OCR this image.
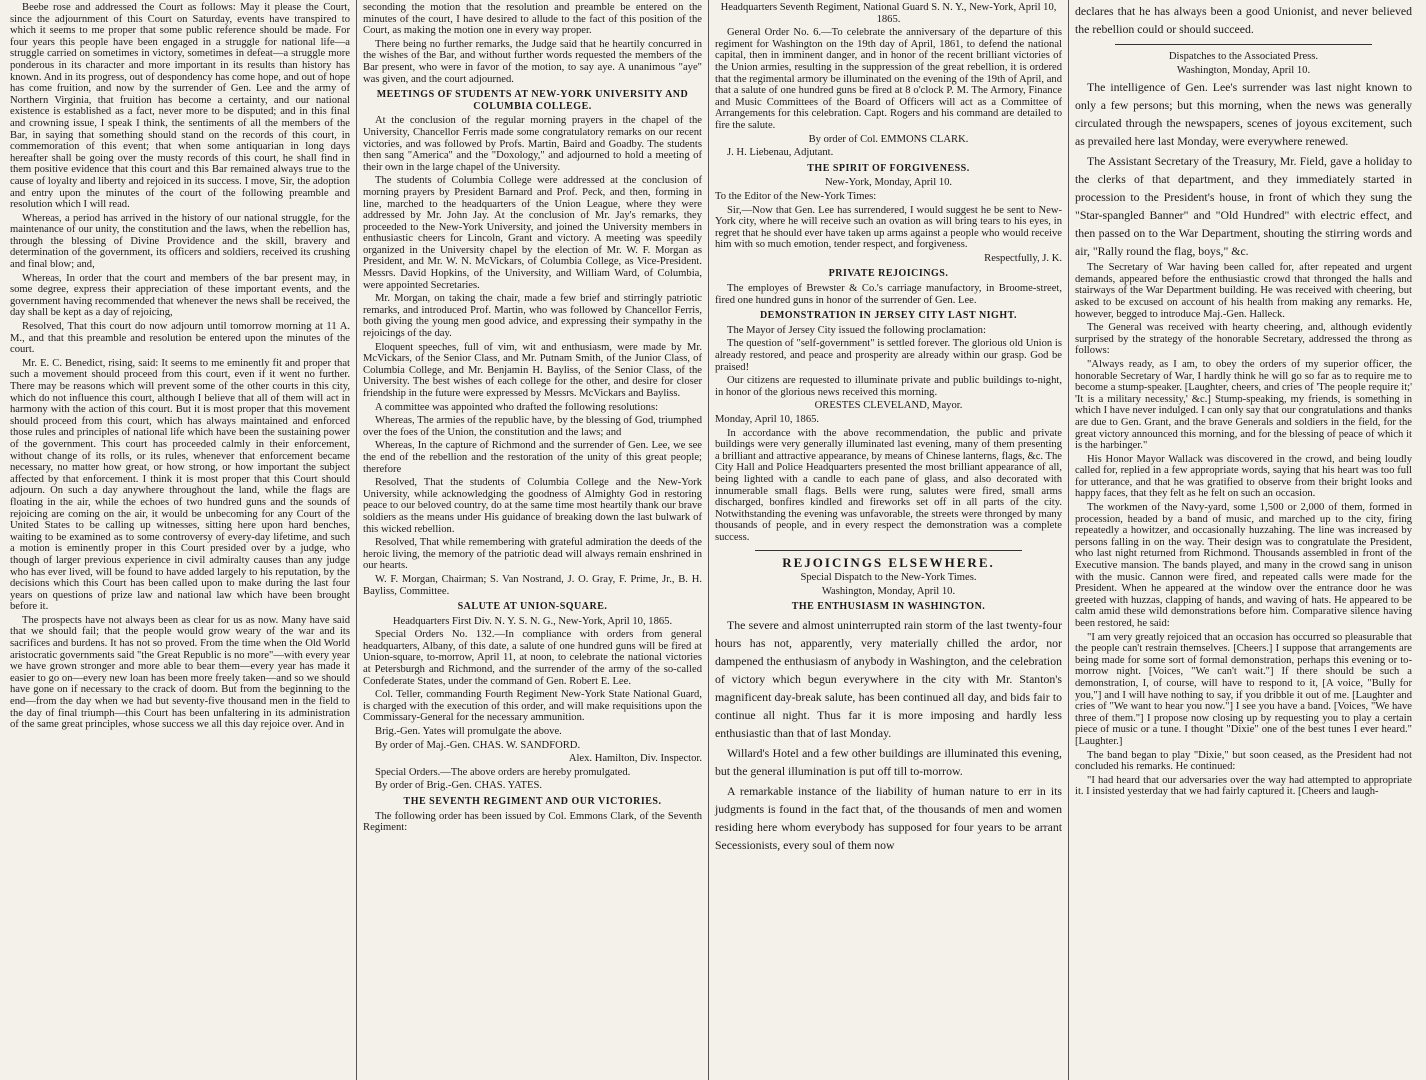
Beebe rose and addressed the Court as follows: May it please the Court, since the adjournment of this Court on Saturday, events have transpired to which it seems to me proper that some public reference should be made. For four years this people have been engaged in a struggle for national life—a struggle carried on sometimes in victory, sometimes in defeat—a struggle more ponderous in its character and more important in its results than history has known. And in its progress, out of despondency has come hope, and out of hope has come fruition, and now by the surrender of Gen. Lee and the army of Northern Virginia, that fruition has become a certainty, and our national existence is established as a fact, never more to be disputed; and in this final and crowning issue, I speak I think, the sentiments of all the members of the Bar, in saying that something should stand on the records of this court, in commemoration of this event; that when some antiquarian in long days hereafter shall be going over the musty records of this court, he shall find in them positive evidence that this court and this Bar remained always true to the cause of loyalty and liberty and rejoiced in its success. I move, Sir, the adoption and entry upon the minutes of the court of the following preamble and resolution which I will read.

Whereas, a period has arrived in the history of our national struggle, for the maintenance of our unity, the constitution and the laws, when the rebellion has, through the blessing of Divine Providence and the skill, bravery and determination of the government, its officers and soldiers, received its crushing and final blow; and,

Whereas, In order that the court and members of the bar present may, in some degree, express their appreciation of these important events, and the government having recommended that whenever the news shall be received, the day shall be kept as a day of rejoicing,

Resolved, That this court do now adjourn until tomorrow morning at 11 A. M., and that this preamble and resolution be entered upon the minutes of the court.

Mr. E. C. Benedict, rising, said: It seems to me eminently fit and proper that such a movement should proceed from this court, even if it went no further. There may be reasons which will prevent some of the other courts in this city, which do not influence this court, although I believe that all of them will act in harmony with the action of this court. But it is most proper that this movement should proceed from this court, which has always maintained and enforced those rules and principles of national life which have been the sustaining power of the government. This court has proceeded calmly in their enforcement, without change of its rolls, or its rules, whenever that enforcement became necessary, no matter how great, or how strong, or how important the subject affected by that enforcement. I think it is most proper that this Court should adjourn. On such a day anywhere throughout the land, while the flags are floating in the air, while the echoes of two hundred guns and the sounds of rejoicing are coming on the air, it would be unbecoming for any Court of the United States to be calling up witnesses, sitting here upon hard benches, waiting to be examined as to some controversy of every-day lifetime, and such a motion is eminently proper in this Court presided over by a judge, who though of larger previous experience in civil admiralty causes than any judge who has ever lived, will be found to have added largely to his reputation, by the decisions which this Court has been called upon to make during the last four years on questions of prize law and national law which have been brought before it.

The prospects have not always been as clear for us as now. Many have said that we should fail; that the people would grow weary of the war and its sacrifices and burdens. It has not so proved. From the time when the Old World aristocratic governments said "the Great Republic is no more"—with every year we have grown stronger and more able to bear them—every year has made it easier to go on—every new loan has been more freely taken—and so we should have gone on if necessary to the crack of doom. But from the beginning to the end—from the day when we had but seventy-five thousand men in the field to the day of final triumph—this Court has been unfaltering in its administration of the same great principles, whose success we all this day rejoice over. And in

seconding the motion that the resolution and preamble be entered on the minutes of the court, I have desired to allude to the fact of this position of the Court, as making the motion one in every way proper.

There being no further remarks, the Judge said that he heartily concurred in the wishes of the Bar, and without further words requested the members of the Bar present, who were in favor of the motion, to say aye. A unanimous "aye" was given, and the court adjourned.

MEETINGS OF STUDENTS AT NEW-YORK UNIVERSITY AND COLUMBIA COLLEGE.

At the conclusion of the regular morning prayers in the chapel of the University, Chancellor Ferris made some congratulatory remarks on our recent victories, and was followed by Profs. Martin, Baird and Goadby. The students then sang "America" and the "Doxology," and adjourned to hold a meeting of their own in the large chapel of the University.

The students of Columbia College were addressed at the conclusion of morning prayers by President Barnard and Prof. Peck, and then, forming in line, marched to the headquarters of the Union League, where they were addressed by Mr. John Jay. At the conclusion of Mr. Jay's remarks, they proceeded to the New-York University, and joined the University members in enthusiastic cheers for Lincoln, Grant and victory. A meeting was speedily organized in the University chapel by the election of Mr. W. F. Morgan as President, and Mr. W. N. McVickars, of Columbia College, as Vice-President. Messrs. David Hopkins, of the University, and William Ward, of Columbia, were appointed Secretaries.

Mr. Morgan, on taking the chair, made a few brief and stirringly patriotic remarks, and introduced Prof. Martin, who was followed by Chancellor Ferris, both giving the young men good advice, and expressing their sympathy in the rejoicings of the day.

Eloquent speeches, full of vim, wit and enthusiasm, were made by Mr. McVickars, of the Senior Class, and Mr. Putnam Smith, of the Junior Class, of Columbia College, and Mr. Benjamin H. Bayliss, of the Senior Class, of the University. The best wishes of each college for the other, and desire for closer friendship in the future were expressed by Messrs. McVickars and Bayliss.

A committee was appointed who drafted the following resolutions:

Whereas, The armies of the republic have, by the blessing of God, triumphed over the foes of the Union, the constitution and the laws; and

Whereas, In the capture of Richmond and the surrender of Gen. Lee, we see the end of the rebellion and the restoration of the unity of this great people; therefore

Resolved, That the students of Columbia College and the New-York University, while acknowledging the goodness of Almighty God in restoring peace to our beloved country, do at the same time most heartily thank our brave soldiers as the means under His guidance of breaking down the last bulwark of this wicked rebellion.

Resolved, That while remembering with grateful admiration the deeds of the heroic living, the memory of the patriotic dead will always remain enshrined in our hearts.

W. F. Morgan, Chairman; S. Van Nostrand, J. O. Gray, F. Prime, Jr., B. H. Bayliss, Committee.

SALUTE AT UNION-SQUARE.

Headquarters First Div. N. Y. S. N. G., New-York, April 10, 1865.

Special Orders No. 132.—In compliance with orders from general headquarters, Albany, of this date, a salute of one hundred guns will be fired at Union-square, to-morrow, April 11, at noon, to celebrate the national victories at Petersburgh and Richmond, and the surrender of the army of the so-called Confederate States, under the command of Gen. Robert E. Lee.

Col. Teller, commanding Fourth Regiment New-York State National Guard, is charged with the execution of this order, and will make requisitions upon the Commissary-General for the necessary ammunition.

Brig.-Gen. Yates will promulgate the above.

By order of Maj.-Gen. CHAS. W. SANDFORD.

Alex. Hamilton, Div. Inspector.

Special Orders.—The above orders are hereby promulgated.

By order of Brig.-Gen. CHAS. YATES.

THE SEVENTH REGIMENT AND OUR VICTORIES.

The following order has been issued by Col. Emmons Clark, of the Seventh Regiment:

Headquarters Seventh Regiment, National Guard S. N. Y., New-York, April 10, 1865.

General Order No. 6.—To celebrate the anniversary of the departure of this regiment for Washington on the 19th day of April, 1861, to defend the national capital, then in imminent danger, and in honor of the recent brilliant victories of the Union armies, resulting in the suppression of the great rebellion, it is ordered that the regimental armory be illuminated on the evening of the 19th of April, and that a salute of one hundred guns be fired at 8 o'clock P. M. The Armory, Finance and Music Committees of the Board of Officers will act as a Committee of Arrangements for this celebration. Capt. Rogers and his command are detailed to fire the salute.

By order of Col. EMMONS CLARK.

J. H. Liebenau, Adjutant.

THE SPIRIT OF FORGIVENESS.

New-York, Monday, April 10.

To the Editor of the New-York Times:

Sir,—Now that Gen. Lee has surrendered, I would suggest he be sent to New-York city, where he will receive such an ovation as will bring tears to his eyes, in regret that he should ever have taken up arms against a people who would receive him with so much emotion, tender respect, and forgiveness.

Respectfully, J. K.

PRIVATE REJOICINGS.

The employes of Brewster & Co.'s carriage manufactory, in Broome-street, fired one hundred guns in honor of the surrender of Gen. Lee.

DEMONSTRATION IN JERSEY CITY LAST NIGHT.

The Mayor of Jersey City issued the following proclamation:

The question of "self-government" is settled forever. The glorious old Union is already restored, and peace and prosperity are already within our grasp. God be praised!

Our citizens are requested to illuminate private and public buildings to-night, in honor of the glorious news received this morning.

ORESTES CLEVELAND, Mayor.

Monday, April 10, 1865.

In accordance with the above recommendation, the public and private buildings were very generally illuminated last evening, many of them presenting a brilliant and attractive appearance, by means of Chinese lanterns, flags, &c. The City Hall and Police Headquarters presented the most brilliant appearance of all, being lighted with a candle to each pane of glass, and also decorated with innumerable small flags. Bells were rung, salutes were fired, small arms discharged, bonfires kindled and fireworks set off in all parts of the city. Notwithstanding the evening was unfavorable, the streets were thronged by many thousands of people, and in every respect the demonstration was a complete success.

REJOICINGS ELSEWHERE.

Special Dispatch to the New-York Times.

Washington, Monday, April 10.

THE ENTHUSIASM IN WASHINGTON.

The severe and almost uninterrupted rain storm of the last twenty-four hours has not, apparently, very materially chilled the ardor, nor dampened the enthusiasm of anybody in Washington, and the celebration of victory which begun everywhere in the city with Mr. Stanton's magnificent day-break salute, has been continued all day, and bids fair to continue all night. Thus far it is more imposing and hardly less enthusiastic than that of last Monday.

Willard's Hotel and a few other buildings are illuminated this evening, but the general illumination is put off till to-morrow.

A remarkable instance of the liability of human nature to err in its judgments is found in the fact that, of the thousands of men and women residing here whom everybody has supposed for four years to be arrant Secessionists, every soul of them now

declares that he has always been a good Unionist, and never believed the rebellion could or should succeed.

Dispatches to the Associated Press.

Washington, Monday, April 10.

The intelligence of Gen. Lee's surrender was last night known to only a few persons; but this morning, when the news was generally circulated through the newspapers, scenes of joyous excitement, such as prevailed here last Monday, were everywhere renewed.

The Assistant Secretary of the Treasury, Mr. Field, gave a holiday to the clerks of that department, and they immediately started in procession to the President's house, in front of which they sung the "Star-spangled Banner" and "Old Hundred" with electric effect, and then passed on to the War Department, shouting the stirring words and air, "Rally round the flag, boys," &c.

The Secretary of War having been called for, after repeated and urgent demands, appeared before the enthusiastic crowd that thronged the halls and stairways of the War Department building. He was received with cheering, but asked to be excused on account of his health from making any remarks. He, however, begged to introduce Maj.-Gen. Halleck.

The General was received with hearty cheering, and, although evidently surprised by the strategy of the honorable Secretary, addressed the throng as follows:

"Always ready, as I am, to obey the orders of my superior officer, the honorable Secretary of War, I hardly think he will go so far as to require me to become a stump-speaker. [Laughter, cheers, and cries of 'The people require it;' 'It is a military necessity,' &c.] Stump-speaking, my friends, is something in which I have never indulged. I can only say that our congratulations and thanks are due to Gen. Grant, and the brave Generals and soldiers in the field, for the great victory announced this morning, and for the blessing of peace of which it is the harbinger."

His Honor Mayor Wallack was discovered in the crowd, and being loudly called for, replied in a few appropriate words, saying that his heart was too full for utterance, and that he was gratified to observe from their bright looks and happy faces, that they felt as he felt on such an occasion.

The workmen of the Navy-yard, some 1,500 or 2,000 of them, formed in procession, headed by a band of music, and marched up to the city, firing repeatedly a howitzer, and occasionally huzzahing. The line was increased by persons falling in on the way. Their design was to congratulate the President, who last night returned from Richmond. Thousands assembled in front of the Executive mansion. The bands played, and many in the crowd sang in unison with the music. Cannon were fired, and repeated calls were made for the President. When he appeared at the window over the entrance door he was greeted with huzzas, clapping of hands, and waving of hats. He appeared to be calm amid these wild demonstrations before him. Comparative silence having been restored, he said:

"I am very greatly rejoiced that an occasion has occurred so pleasurable that the people can't restrain themselves. [Cheers.] I suppose that arrangements are being made for some sort of formal demonstration, perhaps this evening or to-morrow night. [Voices, "We can't wait."] If there should be such a demonstration, I, of course, will have to respond to it, [A voice, "Bully for you,"] and I will have nothing to say, if you dribble it out of me. [Laughter and cries of "We want to hear you now."] I see you have a band. [Voices, "We have three of them."] I propose now closing up by requesting you to play a certain piece of music or a tune. I thought "Dixie" one of the best tunes I ever heard." [Laughter.]

The band began to play "Dixie," but soon ceased, as the President had not concluded his remarks. He continued:

"I had heard that our adversaries over the way had attempted to appropriate it. I insisted yesterday that we had fairly captured it. [Cheers and laugh-
